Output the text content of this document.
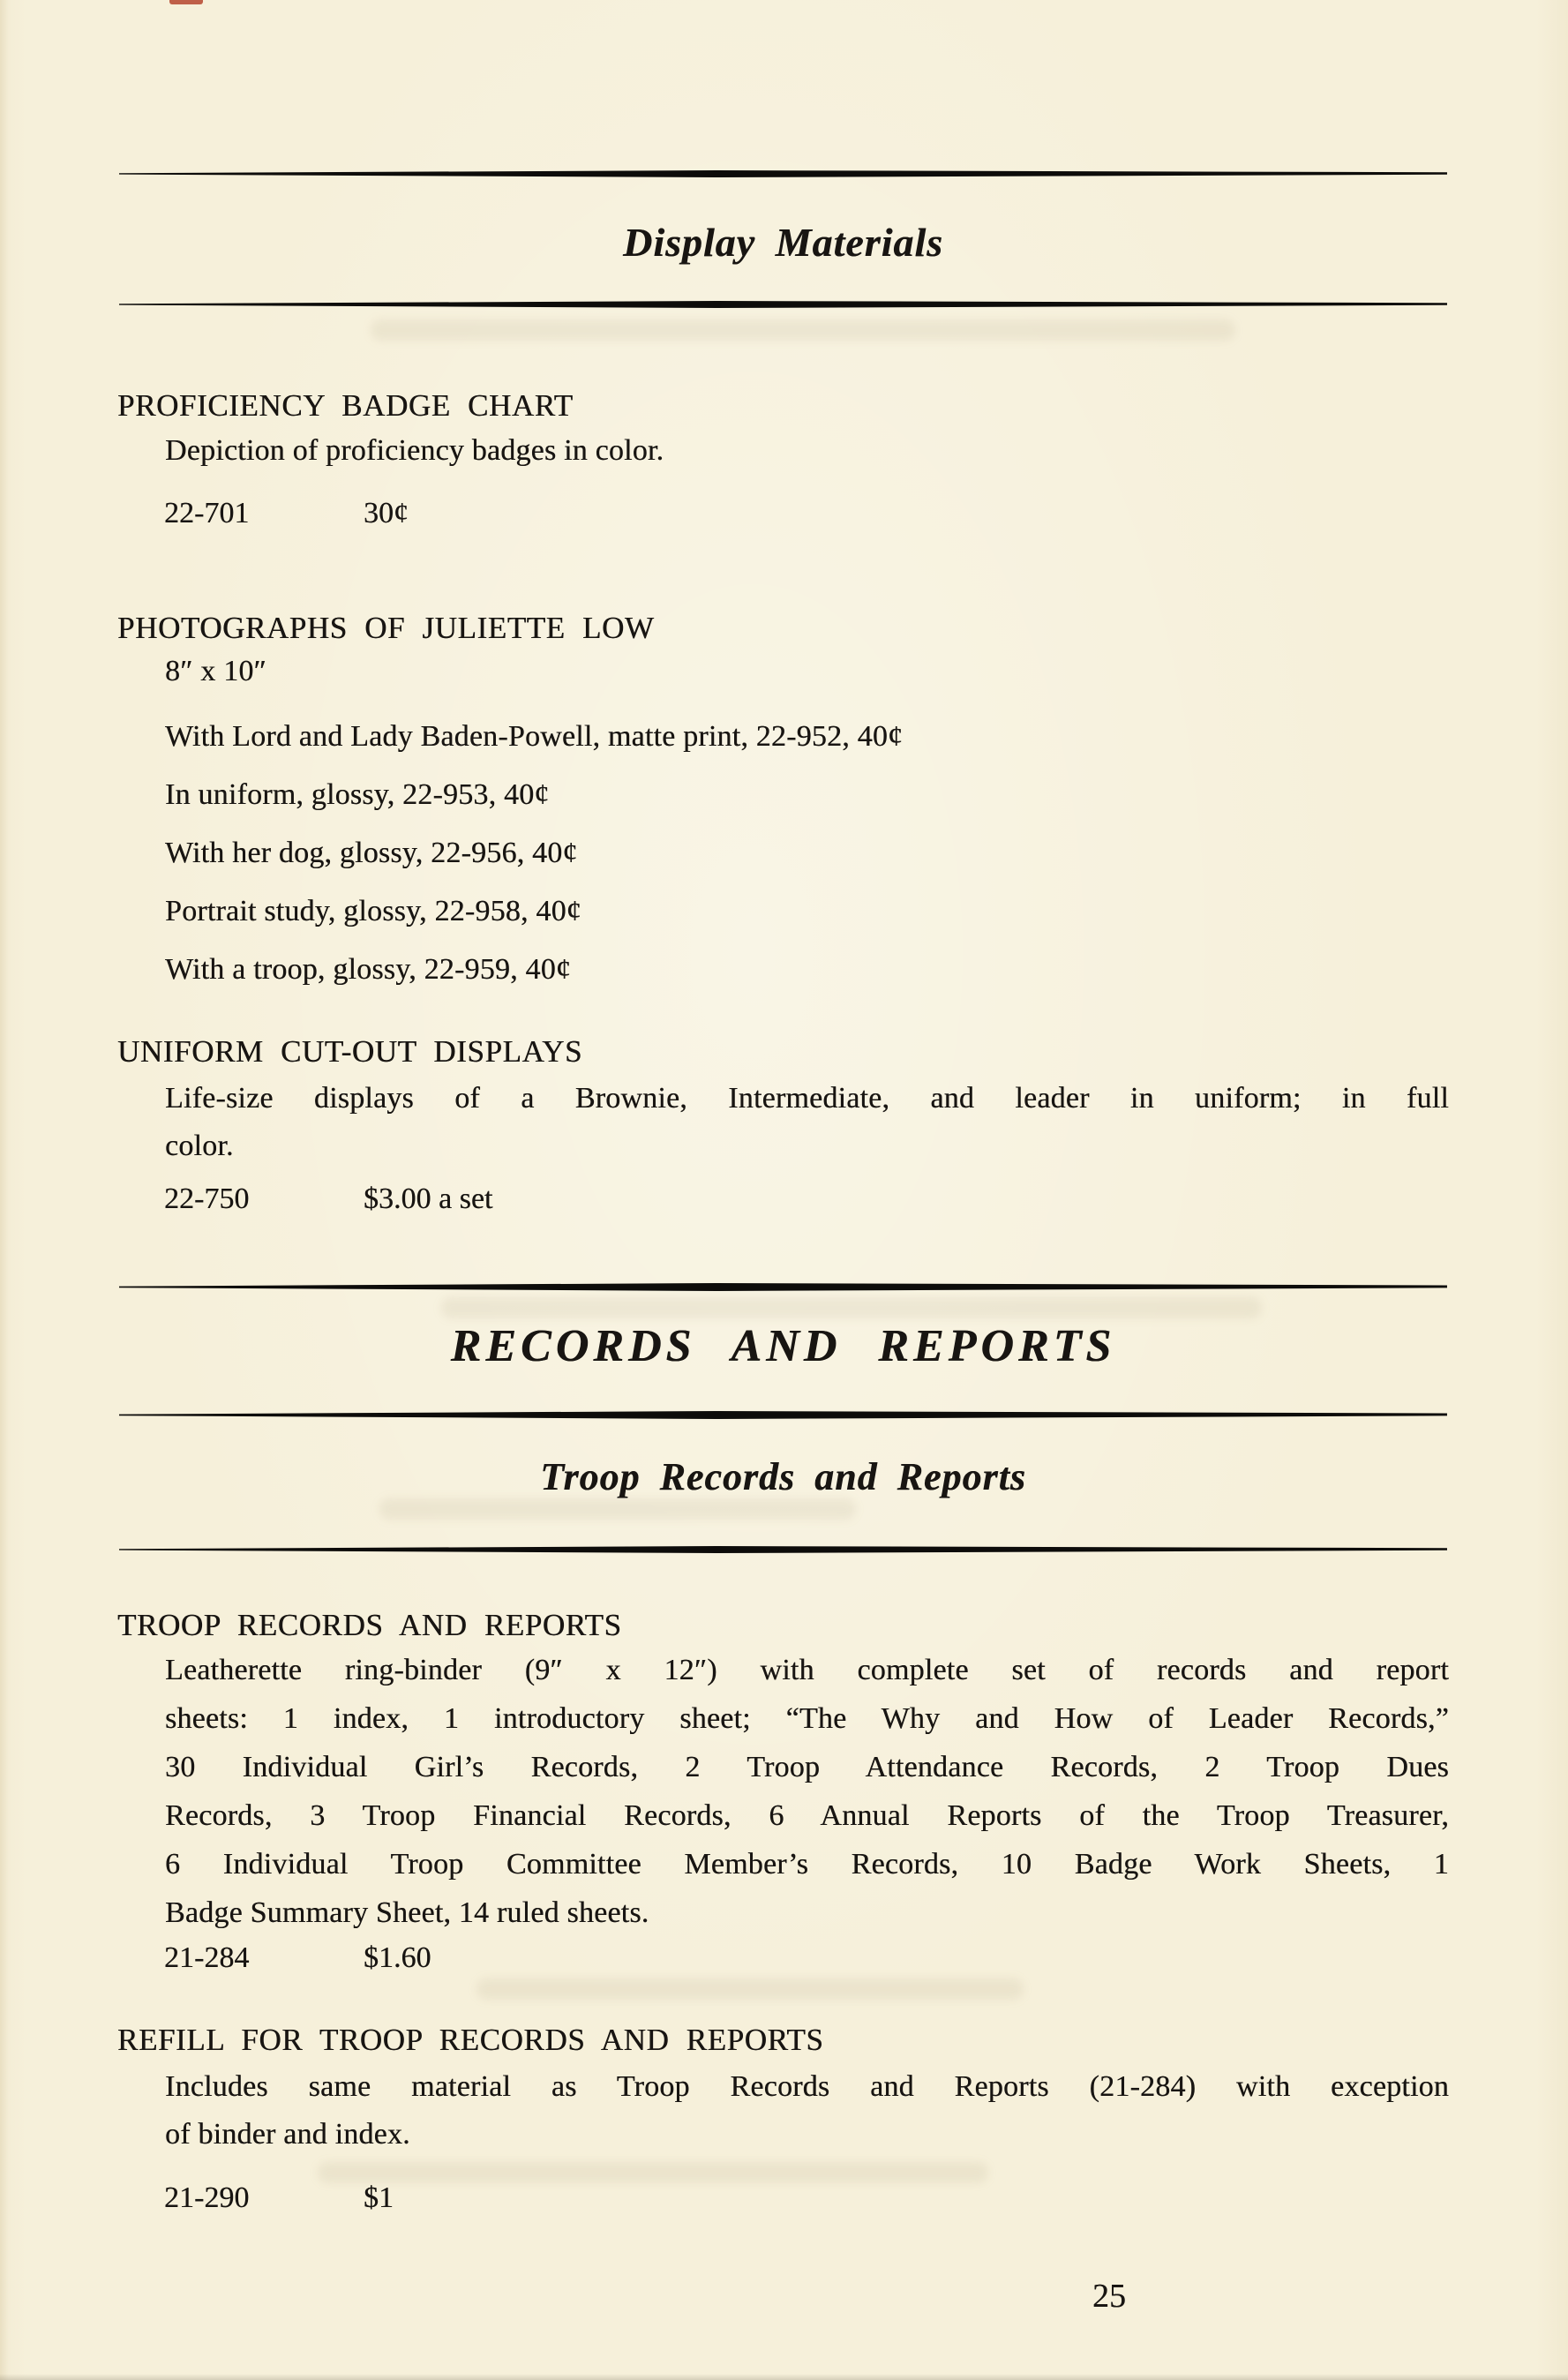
Display Materials
PROFICIENCY BADGE CHART
Depiction of proficiency badges in color.
22-701	30¢
PHOTOGRAPHS OF JULIETTE LOW
8″ x 10″
With Lord and Lady Baden-Powell, matte print, 22-952, 40¢
In uniform, glossy, 22-953, 40¢
With her dog, glossy, 22-956, 40¢
Portrait study, glossy, 22-958, 40¢
With a troop, glossy, 22-959, 40¢
UNIFORM CUT-OUT DISPLAYS
Life-size displays of a Brownie, Intermediate, and leader in uniform; in full
color.
22-750	$3.00 a set
RECORDS AND REPORTS
Troop Records and Reports
TROOP RECORDS AND REPORTS
Leatherette ring-binder (9″ x 12″) with complete set of records and report
sheets: 1 index, 1 introductory sheet; “The Why and How of Leader Records,”
30 Individual Girl’s Records, 2 Troop Attendance Records, 2 Troop Dues
Records, 3 Troop Financial Records, 6 Annual Reports of the Troop Treasurer,
6 Individual Troop Committee Member’s Records, 10 Badge Work Sheets, 1
Badge Summary Sheet, 14 ruled sheets.
21-284	$1.60
REFILL FOR TROOP RECORDS AND REPORTS
Includes same material as Troop Records and Reports (21-284) with exception
of binder and index.
21-290	$1
25
